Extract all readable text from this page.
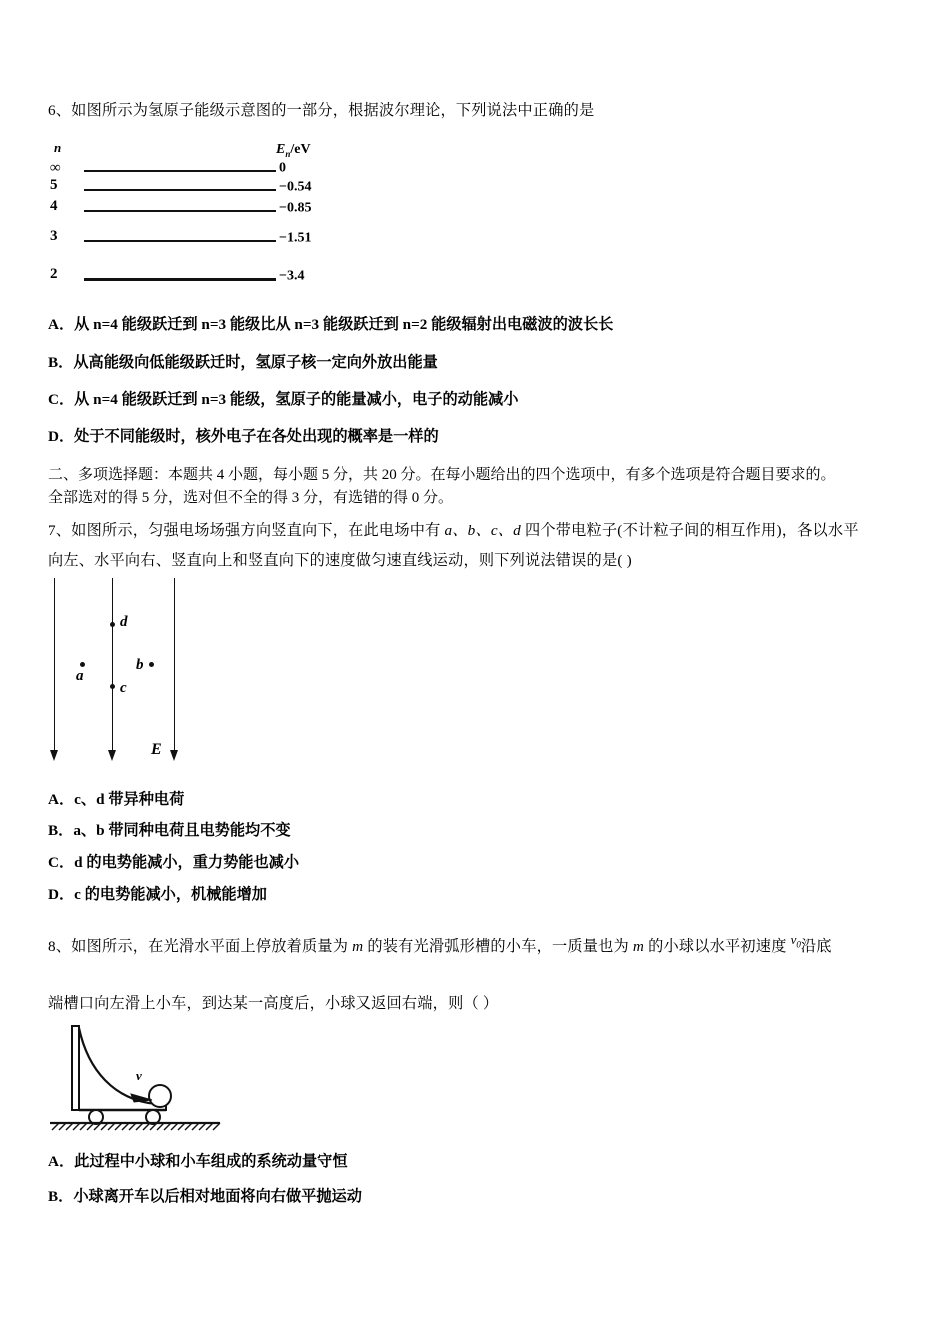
6、如图所示为氢原子能级示意图的一部分，根据波尔理论，下列说法中正确的是
n	$E_n/eV$
∞	0
5	−0.54
4	−0.85
3	−1.51
2	−3.4
A．从 n=4 能级跃迁到 n=3 能级比从 n=3 能级跃迁到 n=2 能级辐射出电磁波的波长长
B．从高能级向低能级跃迁时，氢原子核一定向外放出能量
C．从 n=4 能级跃迁到 n=3 能级，氢原子的能量减小，电子的动能减小
D．处于不同能级时，核外电子在各处出现的概率是一样的
二、多项选择题：本题共 4 小题，每小题 5 分，共 20 分。在每小题给出的四个选项中，有多个选项是符合题目要求的。
全部选对的得 5 分，选对但不全的得 3 分，有选错的得 0 分。
7、如图所示，匀强电场场强方向竖直向下，在此电场中有 a、b、c、d 四个带电粒子(不计粒子间的相互作用)，各以水平
向左、水平向右、竖直向上和竖直向下的速度做匀速直线运动，则下列说法错误的是( )
d
a
b
c
E
A．c、d 带异种电荷
B．a、b 带同种电荷且电势能均不变
C．d 的电势能减小，重力势能也减小
D．c 的电势能减小，机械能增加
8、如图所示，在光滑水平面上停放着质量为 m 的装有光滑弧形槽的小车，一质量也为 m 的小球以水平初速度 $v_0$沿底
端槽口向左滑上小车，到达某一高度后，小球又返回右端，则（ ）
v
A．此过程中小球和小车组成的系统动量守恒
B．小球离开车以后相对地面将向右做平抛运动
